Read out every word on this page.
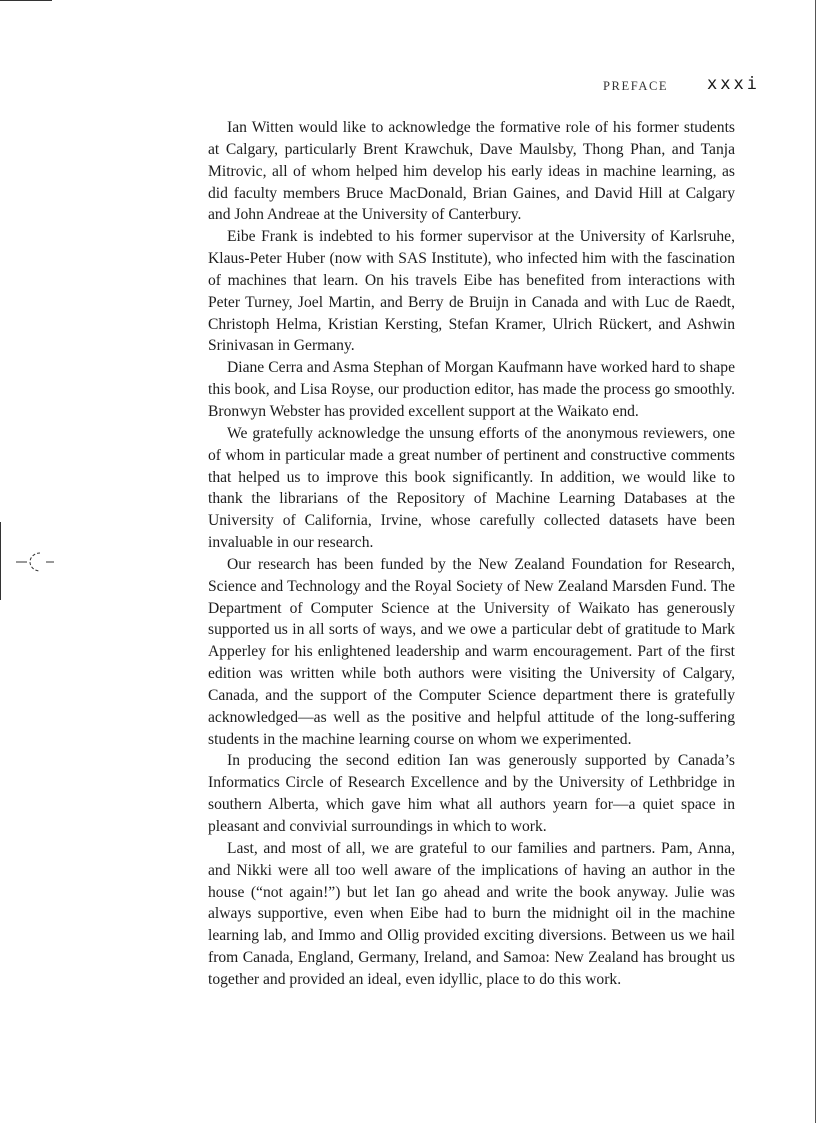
PREFACE xxxi

Ian Witten would like to acknowledge the formative role of his former students at Calgary, particularly Brent Krawchuk, Dave Maulsby, Thong Phan, and Tanja Mitrovic, all of whom helped him develop his early ideas in machine learning, as did faculty members Bruce MacDonald, Brian Gaines, and David Hill at Calgary and John Andreae at the University of Canterbury.

Eibe Frank is indebted to his former supervisor at the University of Karlsruhe, Klaus-Peter Huber (now with SAS Institute), who infected him with the fascination of machines that learn. On his travels Eibe has benefited from interactions with Peter Turney, Joel Martin, and Berry de Bruijn in Canada and with Luc de Raedt, Christoph Helma, Kristian Kersting, Stefan Kramer, Ulrich Rückert, and Ashwin Srinivasan in Germany.

Diane Cerra and Asma Stephan of Morgan Kaufmann have worked hard to shape this book, and Lisa Royse, our production editor, has made the process go smoothly. Bronwyn Webster has provided excellent support at the Waikato end.

We gratefully acknowledge the unsung efforts of the anonymous reviewers, one of whom in particular made a great number of pertinent and constructive comments that helped us to improve this book significantly. In addition, we would like to thank the librarians of the Repository of Machine Learning Databases at the University of California, Irvine, whose carefully collected datasets have been invaluable in our research.

Our research has been funded by the New Zealand Foundation for Research, Science and Technology and the Royal Society of New Zealand Marsden Fund. The Department of Computer Science at the University of Waikato has generously supported us in all sorts of ways, and we owe a particular debt of gratitude to Mark Apperley for his enlightened leadership and warm encouragement. Part of the first edition was written while both authors were visiting the University of Calgary, Canada, and the support of the Computer Science department there is gratefully acknowledged—as well as the positive and helpful attitude of the long-suffering students in the machine learning course on whom we experimented.

In producing the second edition Ian was generously supported by Canada’s Informatics Circle of Research Excellence and by the University of Lethbridge in southern Alberta, which gave him what all authors yearn for—a quiet space in pleasant and convivial surroundings in which to work.

Last, and most of all, we are grateful to our families and partners. Pam, Anna, and Nikki were all too well aware of the implications of having an author in the house (“not again!”) but let Ian go ahead and write the book anyway. Julie was always supportive, even when Eibe had to burn the midnight oil in the machine learning lab, and Immo and Ollig provided exciting diversions. Between us we hail from Canada, England, Germany, Ireland, and Samoa: New Zealand has brought us together and provided an ideal, even idyllic, place to do this work.
